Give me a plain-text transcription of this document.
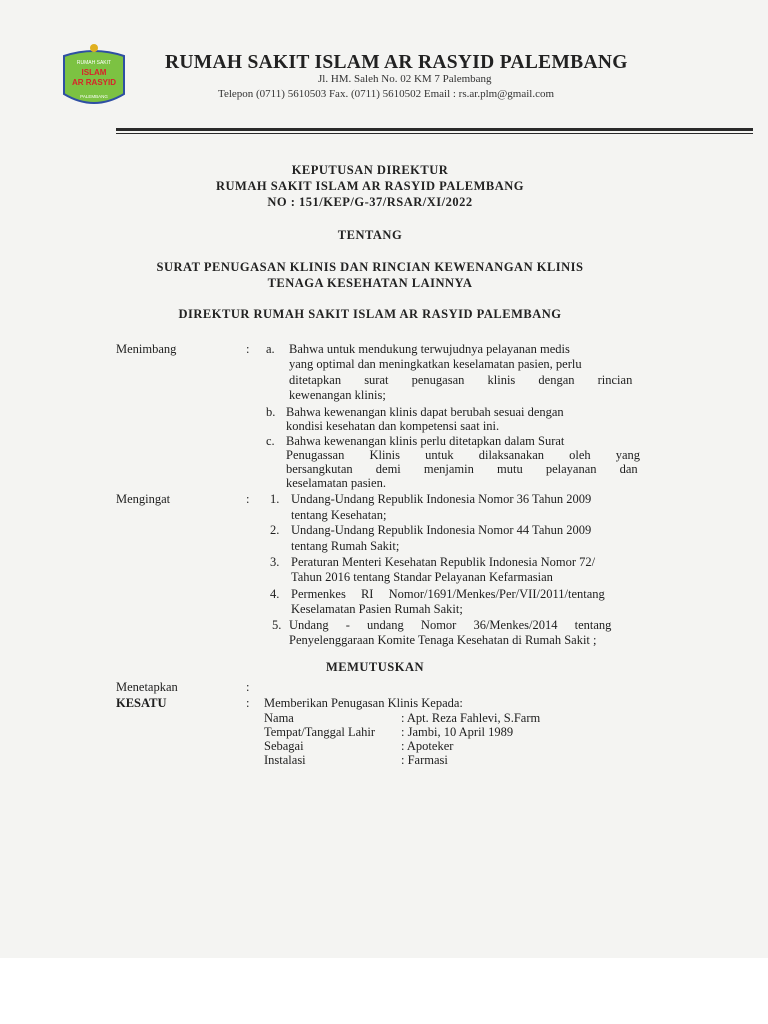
RUMAH SAKIT
ISLAM
AR RASYID
PALEMBANG
RUMAH SAKIT ISLAM AR RASYID PALEMBANG
Jl. HM. Saleh No. 02 KM 7 Palembang
Telepon (0711) 5610503 Fax. (0711) 5610502 Email : rs.ar.plm@gmail.com
KEPUTUSAN DIREKTUR
RUMAH SAKIT ISLAM AR RASYID PALEMBANG
NO : 151/KEP/G-37/RSAR/XI/2022
TENTANG
SURAT PENUGASAN KLINIS DAN RINCIAN KEWENANGAN KLINIS
TENAGA KESEHATAN LAINNYA
DIREKTUR RUMAH SAKIT ISLAM AR RASYID PALEMBANG
Menimbang	: a. Bahwa untuk mendukung terwujudnya pelayanan medis
yang optimal dan meningkatkan keselamatan pasien, perlu
ditetapkan surat penugasan klinis dengan rincian
kewenangan klinis;
b. Bahwa kewenangan klinis dapat berubah sesuai dengan
kondisi kesehatan dan kompetensi saat ini.
c. Bahwa kewenangan klinis perlu ditetapkan dalam Surat
Penugassan Klinis untuk dilaksanakan oleh yang
bersangkutan demi menjamin mutu pelayanan dan
keselamatan pasien.
Mengingat	: 1. Undang-Undang Republik Indonesia Nomor 36 Tahun 2009
tentang Kesehatan;
2. Undang-Undang Republik Indonesia Nomor 44 Tahun 2009
tentang Rumah Sakit;
3. Peraturan Menteri Kesehatan Republik Indonesia Nomor 72/
Tahun 2016 tentang Standar Pelayanan Kefarmasian
4. Permenkes RI Nomor/1691/Menkes/Per/VII/2011/tentang
Keselamatan Pasien Rumah Sakit;
5. Undang - undang Nomor 36/Menkes/2014 tentang
Penyelenggaraan Komite Tenaga Kesehatan di Rumah Sakit ;
MEMUTUSKAN
Menetapkan	:
KESATU	: Memberikan Penugasan Klinis Kepada:
Nama	: Apt. Reza Fahlevi, S.Farm
Tempat/Tanggal Lahir : Jambi, 10 April 1989
Sebagai	: Apoteker
Instalasi	: Farmasi
